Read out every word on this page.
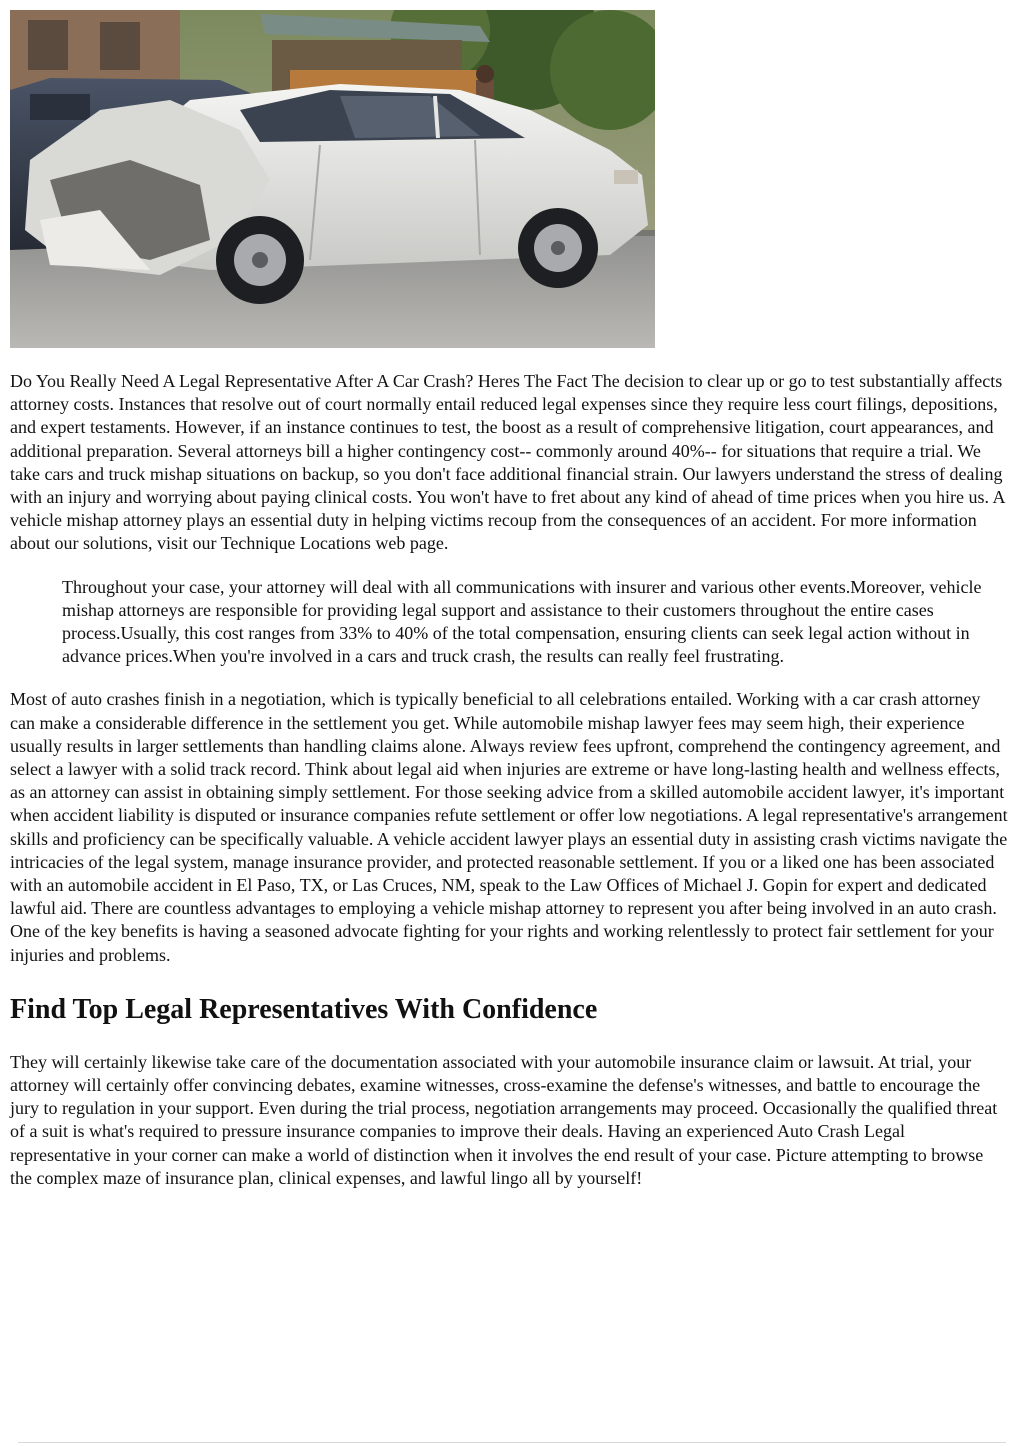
Do You Really Need A Legal Representative After A Car Crash? Heres The Fact The decision to clear up or go to test substantially affects attorney costs. Instances that resolve out of court normally entail reduced legal expenses since they require less court filings, depositions, and expert testaments. However, if an instance continues to test, the boost as a result of comprehensive litigation, court appearances, and additional preparation. Several attorneys bill a higher contingency cost-- commonly around 40%-- for situations that require a trial. We take cars and truck mishap situations on backup, so you don't face additional financial strain. Our lawyers understand the stress of dealing with an injury and worrying about paying clinical costs. You won't have to fret about any kind of ahead of time prices when you hire us. A vehicle mishap attorney plays an essential duty in helping victims recoup from the consequences of an accident. For more information about our solutions, visit our Technique Locations web page.

Throughout your case, your attorney will deal with all communications with insurer and various other events.Moreover, vehicle mishap attorneys are responsible for providing legal support and assistance to their customers throughout the entire cases process.Usually, this cost ranges from 33% to 40% of the total compensation, ensuring clients can seek legal action without in advance prices.When you're involved in a cars and truck crash, the results can really feel frustrating.

Most of auto crashes finish in a negotiation, which is typically beneficial to all celebrations entailed. Working with a car crash attorney can make a considerable difference in the settlement you get. While automobile mishap lawyer fees may seem high, their experience usually results in larger settlements than handling claims alone. Always review fees upfront, comprehend the contingency agreement, and select a lawyer with a solid track record. Think about legal aid when injuries are extreme or have long-lasting health and wellness effects, as an attorney can assist in obtaining simply settlement. For those seeking advice from a skilled automobile accident lawyer, it's important when accident liability is disputed or insurance companies refute settlement or offer low negotiations. A legal representative's arrangement skills and proficiency can be specifically valuable. A vehicle accident lawyer plays an essential duty in assisting crash victims navigate the intricacies of the legal system, manage insurance provider, and protected reasonable settlement. If you or a liked one has been associated with an automobile accident in El Paso, TX, or Las Cruces, NM, speak to the Law Offices of Michael J. Gopin for expert and dedicated lawful aid. There are countless advantages to employing a vehicle mishap attorney to represent you after being involved in an auto crash. One of the key benefits is having a seasoned advocate fighting for your rights and working relentlessly to protect fair settlement for your injuries and problems.

Find Top Legal Representatives With Confidence

They will certainly likewise take care of the documentation associated with your automobile insurance claim or lawsuit. At trial, your attorney will certainly offer convincing debates, examine witnesses, cross-examine the defense's witnesses, and battle to encourage the jury to regulation in your support. Even during the trial process, negotiation arrangements may proceed. Occasionally the qualified threat of a suit is what's required to pressure insurance companies to improve their deals. Having an experienced Auto Crash Legal representative in your corner can make a world of distinction when it involves the end result of your case. Picture attempting to browse the complex maze of insurance plan, clinical expenses, and lawful lingo all by yourself!
